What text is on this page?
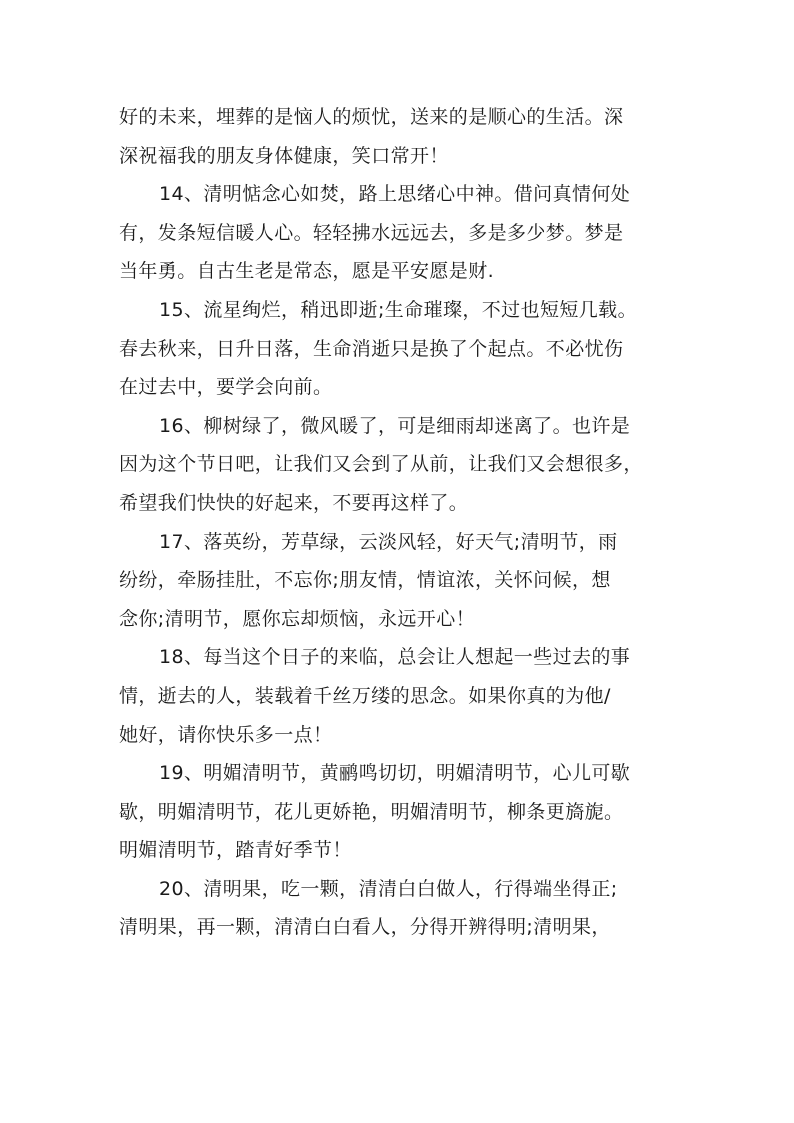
好的未来，埋葬的是恼人的烦忧，送来的是顺心的生活。深
深祝福我的朋友身体健康，笑口常开！
14、清明惦念心如焚，路上思绪心中神。借问真情何处
有，发条短信暖人心。轻轻拂水远远去，多是多少梦。梦是
当年勇。自古生老是常态，愿是平安愿是财.
15、流星绚烂，稍迅即逝;生命璀璨，不过也短短几载。
春去秋来，日升日落，生命消逝只是换了个起点。不必忧伤
在过去中，要学会向前。
16、柳树绿了，微风暖了，可是细雨却迷离了。也许是
因为这个节日吧，让我们又会到了从前，让我们又会想很多，
希望我们快快的好起来，不要再这样了。
17、落英纷，芳草绿，云淡风轻，好天气;清明节，雨
纷纷，牵肠挂肚，不忘你;朋友情，情谊浓，关怀问候，想
念你;清明节，愿你忘却烦恼，永远开心！
18、每当这个日子的来临，总会让人想起一些过去的事
情，逝去的人，装载着千丝万缕的思念。如果你真的为他/
她好，请你快乐多一点！
19、明媚清明节，黄鹂鸣切切，明媚清明节，心儿可歇
歇，明媚清明节，花儿更娇艳，明媚清明节，柳条更旖旎。
明媚清明节，踏青好季节！
20、清明果，吃一颗，清清白白做人，行得端坐得正;
清明果，再一颗，清清白白看人，分得开辨得明;清明果，
